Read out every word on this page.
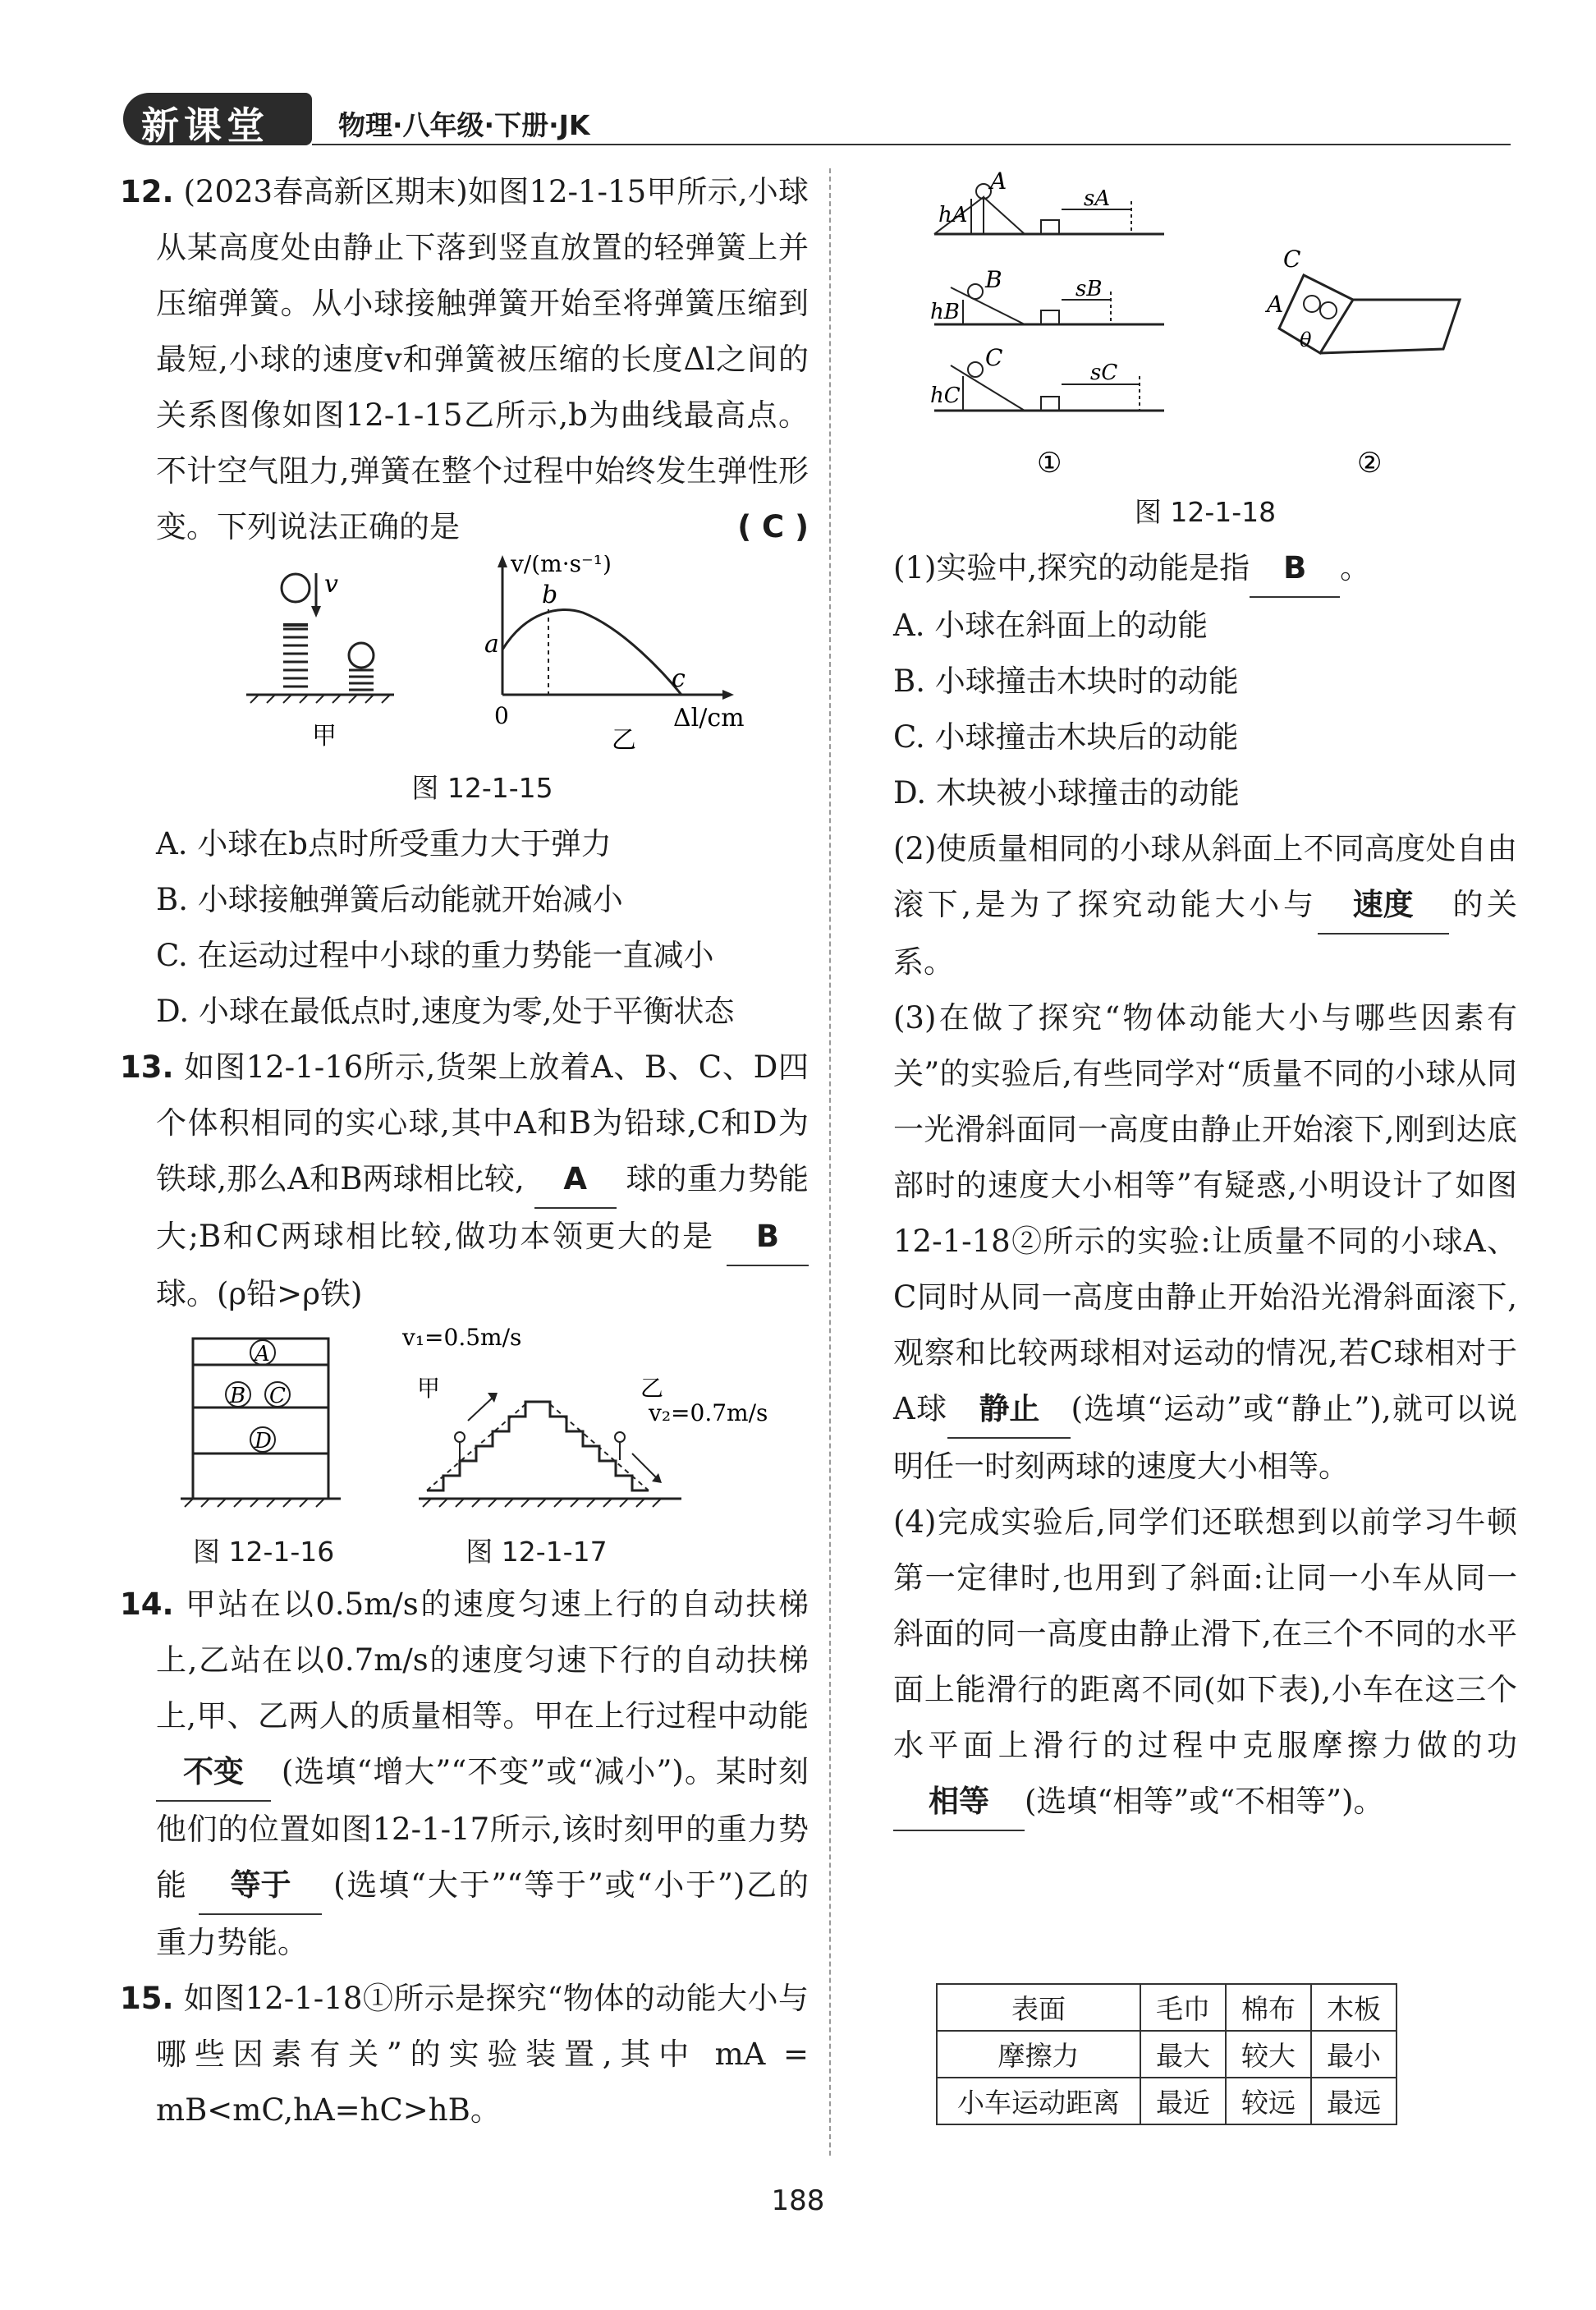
新课堂	物理·八年级·下册·JK

12. (2023春高新区期末)如图12-1-15甲所示,小球从某高度处由静止下落到竖直放置的轻弹簧上并压缩弹簧。从小球接触弹簧开始至将弹簧压缩到最短,小球的速度v和弹簧被压缩的长度Δl之间的关系图像如图12-1-15乙所示,b为曲线最高点。不计空气阻力,弹簧在整个过程中始终发生弹性形变。下列说法正确的是	( C )

v
甲
v/(m·s⁻¹)
a
b
c
0	Δl/cm
乙
图 12-1-15

A. 小球在b点时所受重力大于弹力

B. 小球接触弹簧后动能就开始减小

C. 在运动过程中小球的重力势能一直减小

D. 小球在最低点时,速度为零,处于平衡状态

13. 如图12-1-16所示,货架上放着A、B、C、D四个体积相同的实心球,其中A和B为铅球,C和D为铁球,那么A和B两球相比较, A 球的重力势能大;B和C两球相比较,做功本领更大的是 B 球。(ρ铅>ρ铁)

A
B C
D
v₁=0.5m/s
v₂=0.7m/s
甲	乙
图 12-1-16	图 12-1-17

14. 甲站在以0.5m/s的速度匀速上行的自动扶梯上,乙站在以0.7m/s的速度匀速下行的自动扶梯上,甲、乙两人的质量相等。甲在上行过程中动能 不变 (选填“增大”“不变”或“减小”)。某时刻他们的位置如图12-1-17所示,该时刻甲的重力势能 等于 (选填“大于”“等于”或“小于”)乙的重力势能。

15. 如图12-1-18①所示是探究“物体的动能大小与哪些因素有关”的实验装置,其中 mA = mB<mC,hA=hC>hB。

A
hA
sA
B
hB
sB
C
hC
sC
①
A
C
θ
②
图 12-1-18

(1)实验中,探究的动能是指 B 。

A. 小球在斜面上的动能

B. 小球撞击木块时的动能

C. 小球撞击木块后的动能

D. 木块被小球撞击的动能

(2)使质量相同的小球从斜面上不同高度处自由滚下,是为了探究动能大小与 速度 的关系。

(3)在做了探究“物体动能大小与哪些因素有关”的实验后,有些同学对“质量不同的小球从同一光滑斜面同一高度由静止开始滚下,刚到达底部时的速度大小相等”有疑惑,小明设计了如图12-1-18②所示的实验:让质量不同的小球A、C同时从同一高度由静止开始沿光滑斜面滚下,观察和比较两球相对运动的情况,若C球相对于A球 静止 (选填“运动”或“静止”),就可以说明任一时刻两球的速度大小相等。

(4)完成实验后,同学们还联想到以前学习牛顿第一定律时,也用到了斜面:让同一小车从同一斜面的同一高度由静止滑下,在三个不同的水平面上能滑行的距离不同(如下表),小车在这三个水平面上滑行的过程中克服摩擦力做的功相等 (选填“相等”或“不相等”)。

表面	毛巾	棉布	木板
摩擦力	最大	较大	最小
小车运动距离	最近	较远	最远
188
